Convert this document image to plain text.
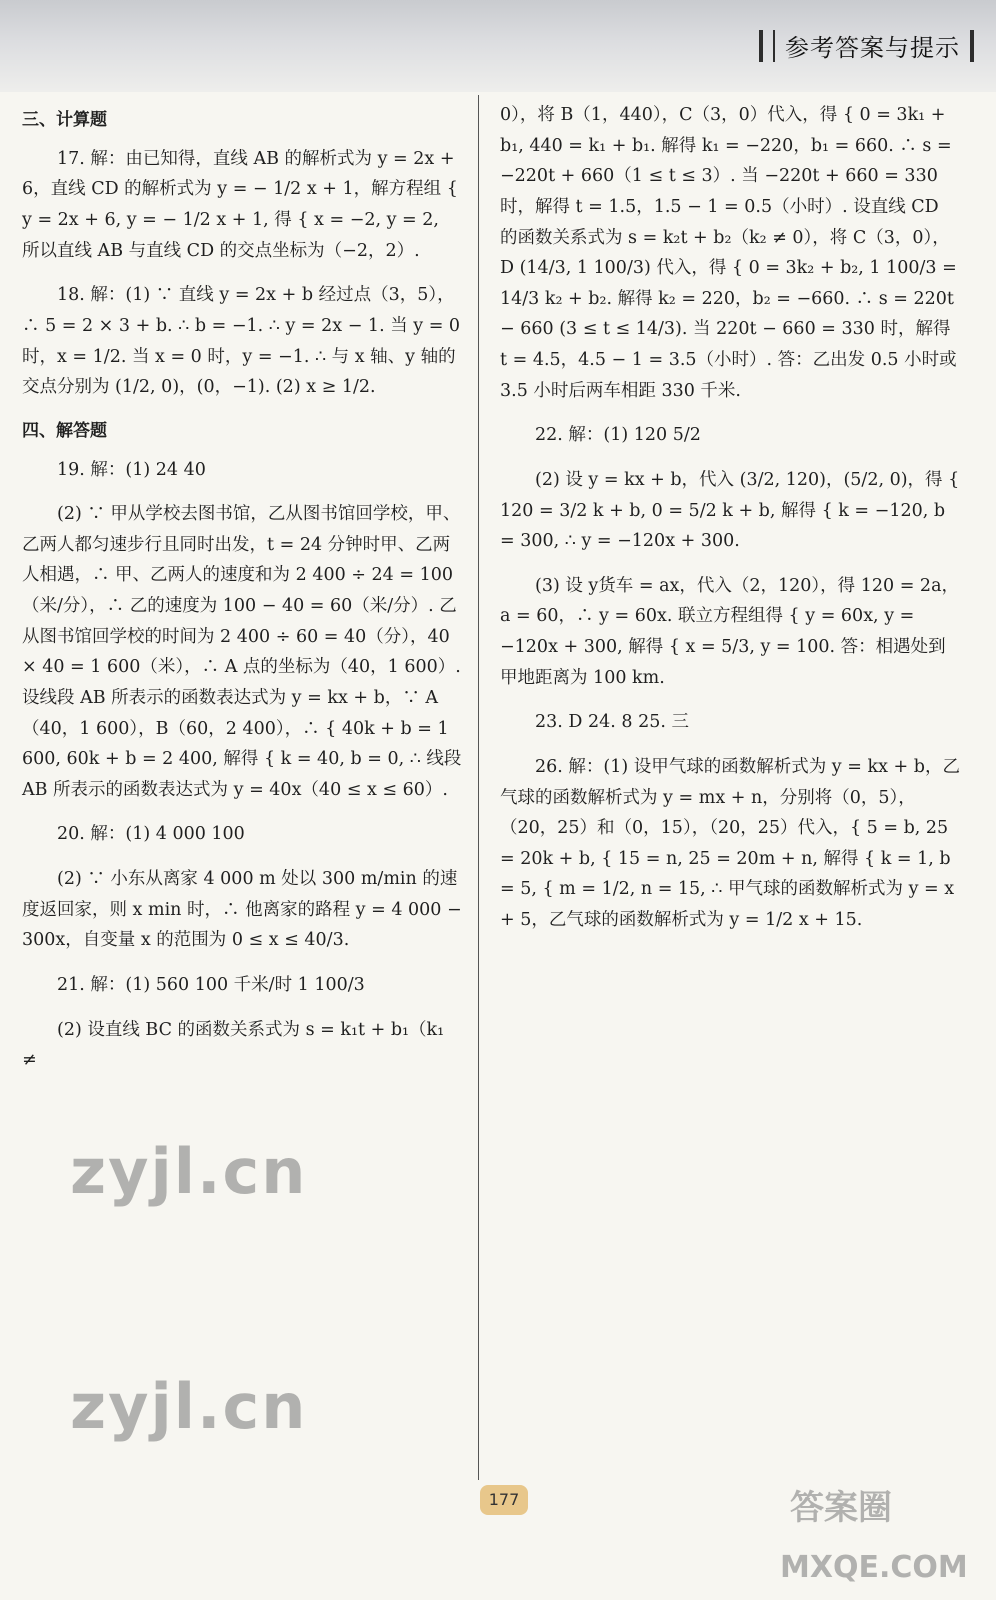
参考答案与提示
三、计算题

17. 解：由已知得，直线 AB 的解析式为 y = 2x + 6，直线 CD 的解析式为 y = − 1/2 x + 1，解方程组 { y = 2x + 6, y = − 1/2 x + 1, 得 { x = −2, y = 2, 所以直线 AB 与直线 CD 的交点坐标为（−2，2）.

18. 解：(1) ∵ 直线 y = 2x + b 经过点（3，5），∴ 5 = 2 × 3 + b. ∴ b = −1. ∴ y = 2x − 1. 当 y = 0 时，x = 1/2. 当 x = 0 时，y = −1. ∴ 与 x 轴、y 轴的交点分别为 (1/2, 0)，(0，−1). (2) x ≥ 1/2.

四、解答题

19. 解：(1) 24 40

(2) ∵ 甲从学校去图书馆，乙从图书馆回学校，甲、乙两人都匀速步行且同时出发，t = 24 分钟时甲、乙两人相遇，∴ 甲、乙两人的速度和为 2 400 ÷ 24 = 100（米/分），∴ 乙的速度为 100 − 40 = 60（米/分）. 乙从图书馆回学校的时间为 2 400 ÷ 60 = 40（分），40 × 40 = 1 600（米），∴ A 点的坐标为（40，1 600）. 设线段 AB 所表示的函数表达式为 y = kx + b，∵ A（40，1 600），B（60，2 400），∴ { 40k + b = 1 600, 60k + b = 2 400, 解得 { k = 40, b = 0, ∴ 线段 AB 所表示的函数表达式为 y = 40x（40 ≤ x ≤ 60）.

20. 解：(1) 4 000 100

(2) ∵ 小东从离家 4 000 m 处以 300 m/min 的速度返回家，则 x min 时，∴ 他离家的路程 y = 4 000 − 300x，自变量 x 的范围为 0 ≤ x ≤ 40/3.

21. 解：(1) 560 100 千米/时 1 100/3

(2) 设直线 BC 的函数关系式为 s = k₁t + b₁（k₁ ≠

0），将 B（1，440），C（3，0）代入，得 { 0 = 3k₁ + b₁, 440 = k₁ + b₁. 解得 k₁ = −220，b₁ = 660. ∴ s = −220t + 660（1 ≤ t ≤ 3）. 当 −220t + 660 = 330 时，解得 t = 1.5，1.5 − 1 = 0.5（小时）. 设直线 CD 的函数关系式为 s = k₂t + b₂（k₂ ≠ 0），将 C（3，0），D (14/3, 1 100/3) 代入，得 { 0 = 3k₂ + b₂, 1 100/3 = 14/3 k₂ + b₂. 解得 k₂ = 220，b₂ = −660. ∴ s = 220t − 660 (3 ≤ t ≤ 14/3). 当 220t − 660 = 330 时，解得 t = 4.5，4.5 − 1 = 3.5（小时）. 答：乙出发 0.5 小时或 3.5 小时后两车相距 330 千米.

22. 解：(1) 120 5/2

(2) 设 y = kx + b，代入 (3/2, 120)，(5/2, 0)，得 { 120 = 3/2 k + b, 0 = 5/2 k + b, 解得 { k = −120, b = 300, ∴ y = −120x + 300.

(3) 设 y货车 = ax，代入（2，120），得 120 = 2a，a = 60，∴ y = 60x. 联立方程组得 { y = 60x, y = −120x + 300, 解得 { x = 5/3, y = 100. 答：相遇处到甲地距离为 100 km.

23. D 24. 8 25. 三

26. 解：(1) 设甲气球的函数解析式为 y = kx + b，乙气球的函数解析式为 y = mx + n，分别将（0，5），（20，25）和（0，15），（20，25）代入，{ 5 = b, 25 = 20k + b, { 15 = n, 25 = 20m + n, 解得 { k = 1, b = 5, { m = 1/2, n = 15, ∴ 甲气球的函数解析式为 y = x + 5，乙气球的函数解析式为 y = 1/2 x + 15.

177
zyjl.cn
zyjl.cn
答案圈
MXQE.COM
